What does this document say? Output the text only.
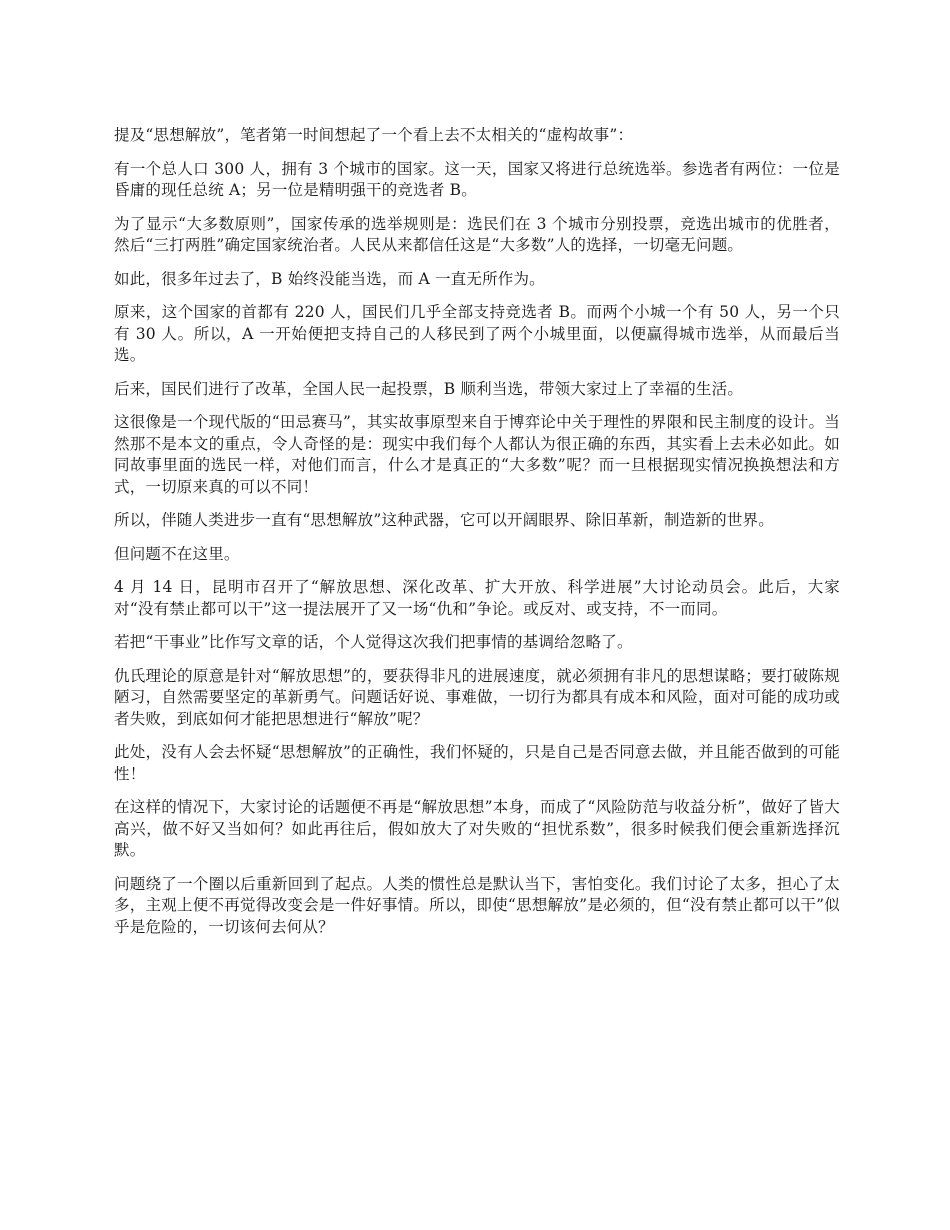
提及“思想解放”，笔者第一时间想起了一个看上去不太相关的“虚构故事”：

有一个总人口 300 人，拥有 3 个城市的国家。这一天，国家又将进行总统选举。参选者有两位：一位是昏庸的现任总统 A；另一位是精明强干的竞选者 B。

为了显示“大多数原则”，国家传承的选举规则是：选民们在 3 个城市分别投票，竞选出城市的优胜者，然后“三打两胜”确定国家统治者。人民从来都信任这是“大多数”人的选择，一切毫无问题。

如此，很多年过去了，B 始终没能当选，而 A 一直无所作为。

原来，这个国家的首都有 220 人，国民们几乎全部支持竞选者 B。而两个小城一个有 50 人，另一个只有 30 人。所以，A 一开始便把支持自己的人移民到了两个小城里面，以便赢得城市选举，从而最后当选。

后来，国民们进行了改革，全国人民一起投票，B 顺利当选，带领大家过上了幸福的生活。

这很像是一个现代版的“田忌赛马”，其实故事原型来自于博弈论中关于理性的界限和民主制度的设计。当然那不是本文的重点，令人奇怪的是：现实中我们每个人都认为很正确的东西，其实看上去未必如此。如同故事里面的选民一样，对他们而言，什么才是真正的“大多数”呢？而一旦根据现实情况换换想法和方式，一切原来真的可以不同！

所以，伴随人类进步一直有“思想解放”这种武器，它可以开阔眼界、除旧革新，制造新的世界。

但问题不在这里。

4 月 14 日，昆明市召开了“解放思想、深化改革、扩大开放、科学进展”大讨论动员会。此后，大家对“没有禁止都可以干”这一提法展开了又一场“仇和”争论。或反对、或支持，不一而同。

若把“干事业”比作写文章的话，个人觉得这次我们把事情的基调给忽略了。

仇氏理论的原意是针对“解放思想”的，要获得非凡的进展速度，就必须拥有非凡的思想谋略；要打破陈规陋习，自然需要坚定的革新勇气。问题话好说、事难做，一切行为都具有成本和风险，面对可能的成功或者失败，到底如何才能把思想进行“解放”呢？

此处，没有人会去怀疑“思想解放”的正确性，我们怀疑的，只是自己是否同意去做，并且能否做到的可能性！

在这样的情况下，大家讨论的话题便不再是“解放思想”本身，而成了“风险防范与收益分析”，做好了皆大高兴，做不好又当如何？如此再往后，假如放大了对失败的“担忧系数”，很多时候我们便会重新选择沉默。

问题绕了一个圈以后重新回到了起点。人类的惯性总是默认当下，害怕变化。我们讨论了太多，担心了太多，主观上便不再觉得改变会是一件好事情。所以，即使“思想解放”是必须的，但“没有禁止都可以干”似乎是危险的，一切该何去何从？
